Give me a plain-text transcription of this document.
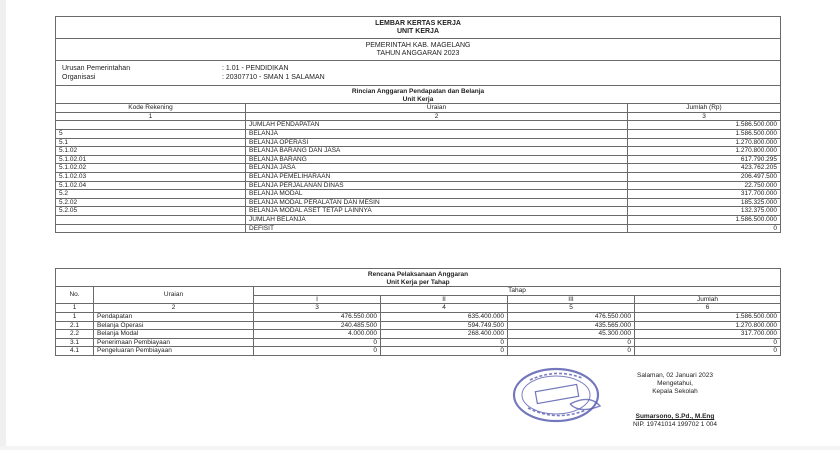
LEMBAR KERTAS KERJA
UNIT KERJA		

PEMERINTAH KAB. MAGELANG
TAHUN ANGGARAN 2023		

Urusan Pemerintahan : 1.01 - PENDIDIKAN
Organisasi : 20307710 - SMAN 1 SALAMAN		

Rincian Anggaran Pendapatan dan Belanja
Unit Kerja		

Kode Rekening	Uraian	Jumlah (Rp)
1	2	3
	JUMLAH PENDAPATAN	1.586.500.000
5	BELANJA	1.586.500.000
5.1	BELANJA OPERASI	1.270.800.000
5.1.02	BELANJA BARANG DAN JASA	1.270.800.000
5.1.02.01	BELANJA BARANG	617.790.295
5.1.02.02	BELANJA JASA	423.762.205
5.1.02.03	BELANJA PEMELIHARAAN	206.497.500
5.1.02.04	BELANJA PERJALANAN DINAS	22.750.000
5.2	BELANJA MODAL	317.700.000
5.2.02	BELANJA MODAL PERALATAN DAN MESIN	185.325.000
5.2.05	BELANJA MODAL ASET TETAP LAINNYA	132.375.000
	JUMLAH BELANJA	1.586.500.000
	DEFISIT	0
Rencana Pelaksanaan Anggaran
Unit Kerja per Tahap					

No.	Uraian	Tahap			
		I	II	III	Jumlah
1	2	3	4	5	6
1	Pendapatan	476.550.000	635.400.000	476.550.000	1.586.500.000
2.1	Belanja Operasi	240.485.500	594.749.500	435.565.000	1.270.800.000
2.2	Belanja Modal	4.000.000	268.400.000	45.300.000	317.700.000
3.1	Penerimaan Pembiayaan	0	0	0	0
4.1	Pengeluaran Pembiayaan	0	0	0	0
Salaman, 02 Januari 2023
Mengetahui,
Kepala Sekolah
Sumarsono, S.Pd., M.Eng
NIP. 19741014 199702 1 004
